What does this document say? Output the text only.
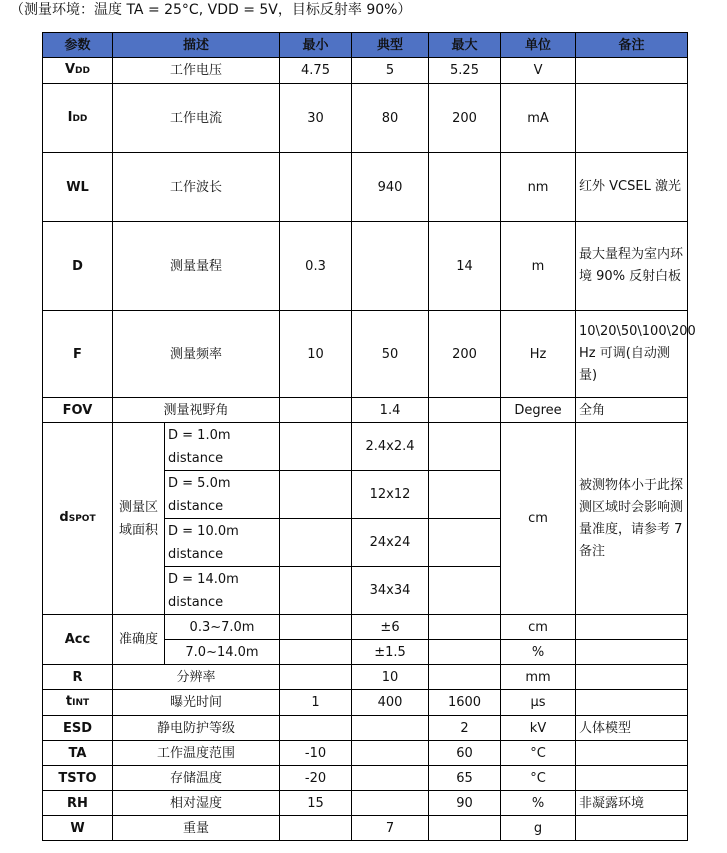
（测量环境：温度 TA = 25°C, VDD = 5V，目标反射率 90%）
参数	描述		最小	典型	最大	单位	备注
VDD	工作电压		4.75	5	5.25	V	
IDD	工作电流		30	80	200	mA	
WL	工作波长			940		nm	红外 VCSEL 激光
D	测量量程		0.3		14	m	最大量程为室内环境 90% 反射白板
F	测量频率		10	50	200	Hz	10\20\50\100\200 Hz 可调(自动测量)
FOV	测量视野角			1.4		Degree	全角
dSPOT	测量区域面积	D = 1.0m distance		2.4x2.4		cm	被测物体小于此探测区域时会影响测量准度，请参考 7 备注
		D = 5.0m distance		12x12			
		D = 10.0m distance		24x24			
		D = 14.0m distance		34x34			
Acc	准确度	0.3~7.0m		±6		cm	
		7.0~14.0m		±1.5		%	
R	分辨率			10		mm	
tINT	曝光时间		1	400	1600	µs	
ESD	静电防护等级				2	kV	人体模型
TA	工作温度范围		-10		60	°C	
TSTO	存储温度		-20		65	°C	
RH	相对湿度		15		90	%	非凝露环境
W	重量			7		g	
